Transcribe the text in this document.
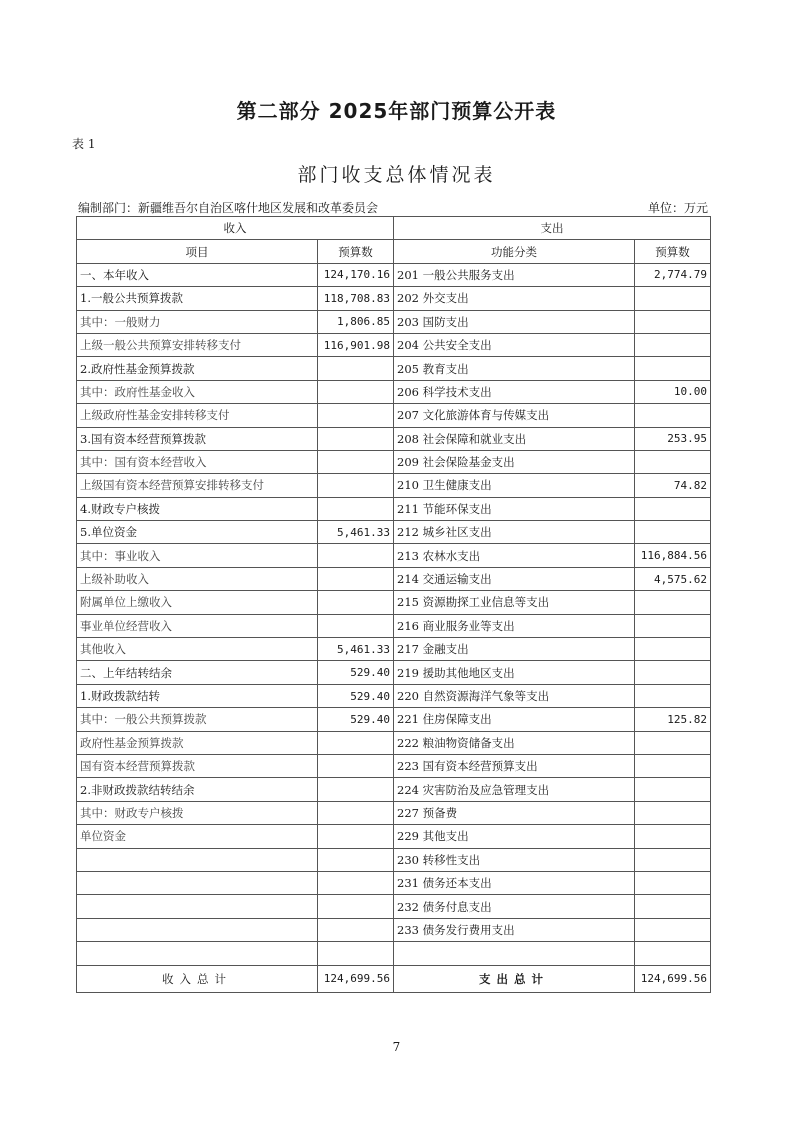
第二部分 2025年部门预算公开表
表 1
部门收支总体情况表
编制部门：新疆维吾尔自治区喀什地区发展和改革委员会	单位：万元
收入		支出	
项目	预算数	功能分类	预算数
一、本年收入	124,170.16	201 一般公共服务支出	2,774.79
1.一般公共预算拨款	118,708.83	202 外交支出	
其中：一般财力	1,806.85	203 国防支出	
上级一般公共预算安排转移支付	116,901.98	204 公共安全支出	
2.政府性基金预算拨款		205 教育支出	
其中：政府性基金收入		206 科学技术支出	10.00
上级政府性基金安排转移支付		207 文化旅游体育与传媒支出	
3.国有资本经营预算拨款		208 社会保障和就业支出	253.95
其中：国有资本经营收入		209 社会保险基金支出	
上级国有资本经营预算安排转移支付		210 卫生健康支出	74.82
4.财政专户核拨		211 节能环保支出	
5.单位资金	5,461.33	212 城乡社区支出	
其中：事业收入		213 农林水支出	116,884.56
上级补助收入		214 交通运输支出	4,575.62
附属单位上缴收入		215 资源勘探工业信息等支出	
事业单位经营收入		216 商业服务业等支出	
其他收入	5,461.33	217 金融支出	
二、上年结转结余	529.40	219 援助其他地区支出	
1.财政拨款结转	529.40	220 自然资源海洋气象等支出	
其中：一般公共预算拨款	529.40	221 住房保障支出	125.82
政府性基金预算拨款		222 粮油物资储备支出	
国有资本经营预算拨款		223 国有资本经营预算支出	
2.非财政拨款结转结余		224 灾害防治及应急管理支出	
其中：财政专户核拨		227 预备费	
单位资金		229 其他支出	
		230 转移性支出	
		231 债务还本支出	
		232 债务付息支出	
		233 债务发行费用支出	

收入总计	124,699.56	支出总计	124,699.56
7
